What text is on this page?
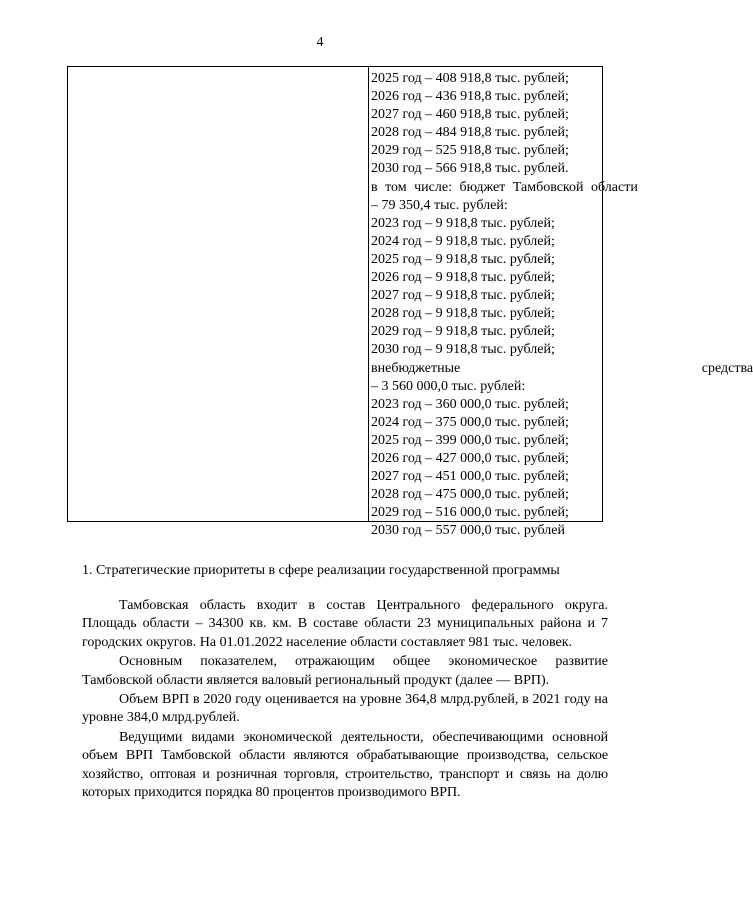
4
2025 год – 408 918,8 тыс. рублей;
2026 год – 436 918,8 тыс. рублей;
2027 год – 460 918,8 тыс. рублей;
2028 год – 484 918,8 тыс. рублей;
2029 год – 525 918,8 тыс. рублей;
2030 год – 566 918,8 тыс. рублей.
в том числе: бюджет Тамбовской области
– 79 350,4 тыс. рублей:
2023 год – 9 918,8 тыс. рублей;
2024 год – 9 918,8 тыс. рублей;
2025 год – 9 918,8 тыс. рублей;
2026 год – 9 918,8 тыс. рублей;
2027 год – 9 918,8 тыс. рублей;
2028 год – 9 918,8 тыс. рублей;
2029 год – 9 918,8 тыс. рублей;
2030 год – 9 918,8 тыс. рублей;
внебюджетные средства
– 3 560 000,0 тыс. рублей:
2023 год – 360 000,0 тыс. рублей;
2024 год – 375 000,0 тыс. рублей;
2025 год – 399 000,0 тыс. рублей;
2026 год – 427 000,0 тыс. рублей;
2027 год – 451 000,0 тыс. рублей;
2028 год – 475 000,0 тыс. рублей;
2029 год – 516 000,0 тыс. рублей;
2030 год – 557 000,0 тыс. рублей
1. Стратегические приоритеты в сфере реализации государственной программы

Тамбовская область входит в состав Центрального федерального округа. Площадь области – 34300 кв. км. В составе области 23 муниципальных района и 7 городских округов. На 01.01.2022 население области составляет 981 тыс. человек.

Основным показателем, отражающим общее экономическое развитие Тамбовской области является валовый региональный продукт (далее — ВРП).

Объем ВРП в 2020 году оценивается на уровне 364,8 млрд.рублей, в 2021 году на уровне 384,0 млрд.рублей.

Ведущими видами экономической деятельности, обеспечивающими основной объем ВРП Тамбовской области являются обрабатывающие производства, сельское хозяйство, оптовая и розничная торговля, строительство, транспорт и связь на долю которых приходится порядка 80 процентов производимого ВРП.
